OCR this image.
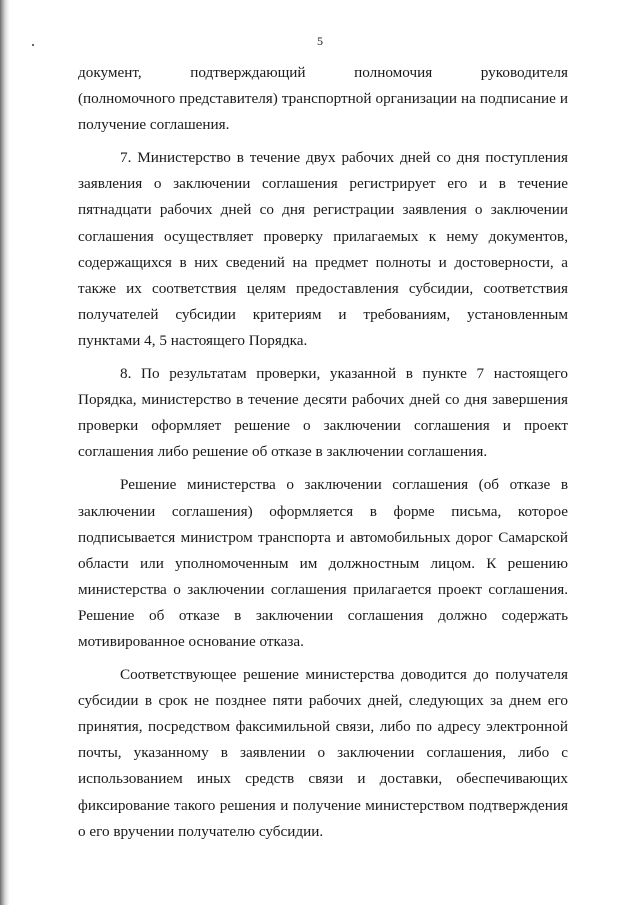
5
документ, подтверждающий полномочия руководителя
(полномочного представителя) транспортной организации на подписание и
получение соглашения.
7. Министерство в течение двух рабочих дней со дня поступления
заявления о заключении соглашения регистрирует его и в течение
пятнадцати рабочих дней со дня регистрации заявления о заключении
соглашения осуществляет проверку прилагаемых к нему документов,
содержащихся в них сведений на предмет полноты и достоверности, а
также их соответствия целям предоставления субсидии, соответствия
получателей субсидии критериям и требованиям, установленным
пунктами 4, 5 настоящего Порядка.
8. По результатам проверки, указанной в пункте 7 настоящего
Порядка, министерство в течение десяти рабочих дней со дня завершения
проверки оформляет решение о заключении соглашения и проект
соглашения либо решение об отказе в заключении соглашения.
Решение министерства о заключении соглашения (об отказе в
заключении соглашения) оформляется в форме письма, которое
подписывается министром транспорта и автомобильных дорог Самарской
области или уполномоченным им должностным лицом. К решению
министерства о заключении соглашения прилагается проект соглашения.
Решение об отказе в заключении соглашения должно содержать
мотивированное основание отказа.
Соответствующее решение министерства доводится до получателя
субсидии в срок не позднее пяти рабочих дней, следующих за днем его
принятия, посредством факсимильной связи, либо по адресу электронной
почты, указанному в заявлении о заключении соглашения, либо с
использованием иных средств связи и доставки, обеспечивающих
фиксирование такого решения и получение министерством подтверждения
о его вручении получателю субсидии.
